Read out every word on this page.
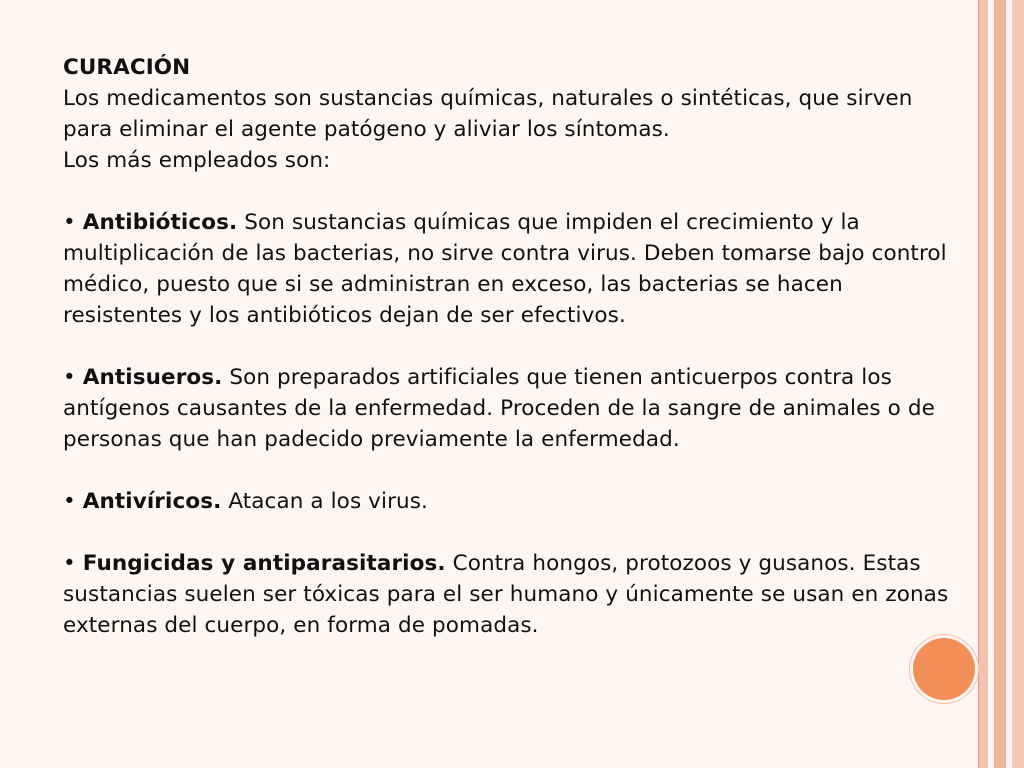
CURACIÓN

Los medicamentos son sustancias químicas, naturales o sintéticas, que sirven para eliminar el agente patógeno y aliviar los síntomas.

Los más empleados son:

• Antibióticos. Son sustancias químicas que impiden el crecimiento y la multiplicación de las bacterias, no sirve contra virus. Deben tomarse bajo control médico, puesto que si se administran en exceso, las bacterias se hacen resistentes y los antibióticos dejan de ser efectivos.

• Antisueros. Son preparados artificiales que tienen anticuerpos contra los antígenos causantes de la enfermedad. Proceden de la sangre de animales o de personas que han padecido previamente la enfermedad.

• Antivíricos. Atacan a los virus.

• Fungicidas y antiparasitarios. Contra hongos, protozoos y gusanos. Estas sustancias suelen ser tóxicas para el ser humano y únicamente se usan en zonas externas del cuerpo, en forma de pomadas.
